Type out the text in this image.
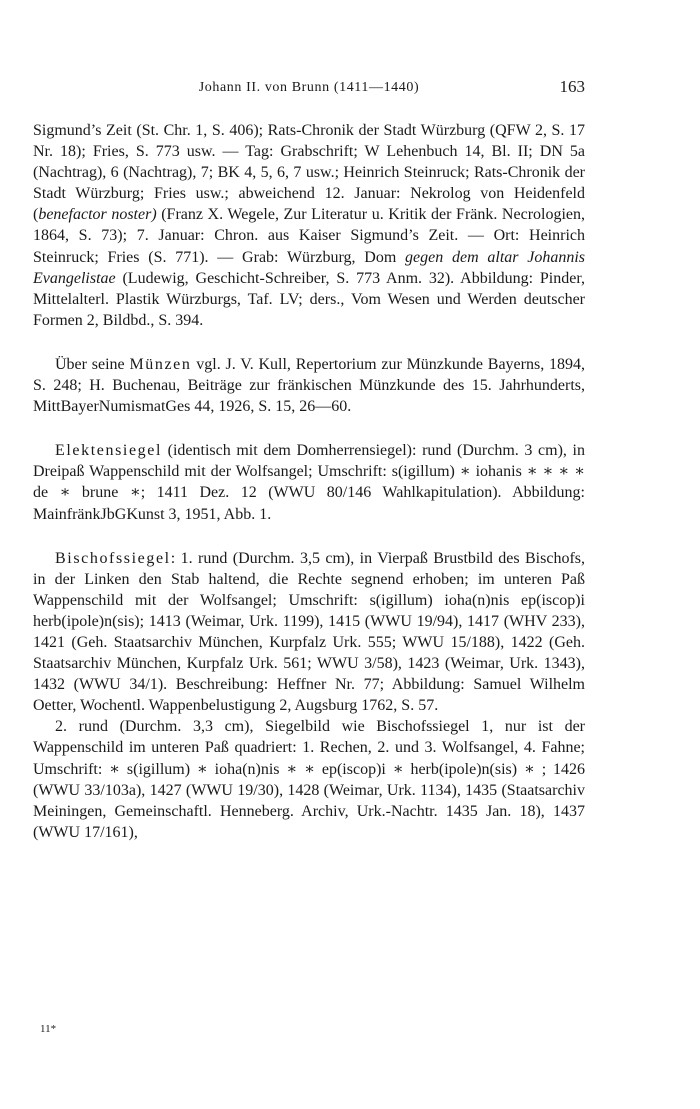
Johann II. von Brunn (1411—1440)	163

Sigmund’s Zeit (St. Chr. 1, S. 406); Rats-Chronik der Stadt Würzburg (QFW 2, S. 17 Nr. 18); Fries, S. 773 usw. — Tag: Grabschrift; W Lehenbuch 14, Bl. II; DN 5a (Nachtrag), 6 (Nachtrag), 7; BK 4, 5, 6, 7 usw.; Heinrich Steinruck; Rats-Chronik der Stadt Würzburg; Fries usw.; abweichend 12. Januar: Nekrolog von Heidenfeld (benefactor noster) (Franz X. Wegele, Zur Literatur u. Kritik der Fränk. Necrologien, 1864, S. 73); 7. Januar: Chron. aus Kaiser Sigmund’s Zeit. — Ort: Heinrich Steinruck; Fries (S. 771). — Grab: Würzburg, Dom gegen dem altar Johannis Evangelistae (Ludewig, Geschicht-Schreiber, S. 773 Anm. 32). Abbildung: Pinder, Mittelalterl. Plastik Würzburgs, Taf. LV; ders., Vom Wesen und Werden deutscher Formen 2, Bildbd., S. 394.

Über seine Münzen vgl. J. V. Kull, Repertorium zur Münzkunde Bayerns, 1894, S. 248; H. Buchenau, Beiträge zur fränkischen Münzkunde des 15. Jahrhunderts, MittBayerNumismatGes 44, 1926, S. 15, 26—60.

Elektensiegel (identisch mit dem Domherrensiegel): rund (Durchm. 3 cm), in Dreipaß Wappenschild mit der Wolfsangel; Umschrift: s(igillum) ∗ iohanis ∗ ∗ ∗ ∗ de ∗ brune ∗; 1411 Dez. 12 (WWU 80/146 Wahlkapitulation). Abbildung: MainfränkJbGKunst 3, 1951, Abb. 1.

Bischofssiegel: 1. rund (Durchm. 3,5 cm), in Vierpaß Brustbild des Bischofs, in der Linken den Stab haltend, die Rechte segnend erhoben; im unteren Paß Wappenschild mit der Wolfsangel; Umschrift: s(igillum) ioha(n)nis ep(iscop)i herb(ipole)n(sis); 1413 (Weimar, Urk. 1199), 1415 (WWU 19/94), 1417 (WHV 233), 1421 (Geh. Staatsarchiv München, Kurpfalz Urk. 555; WWU 15/188), 1422 (Geh. Staatsarchiv München, Kurpfalz Urk. 561; WWU 3/58), 1423 (Weimar, Urk. 1343), 1432 (WWU 34/1). Beschreibung: Heffner Nr. 77; Abbildung: Samuel Wilhelm Oetter, Wochentl. Wappenbelustigung 2, Augsburg 1762, S. 57.

2. rund (Durchm. 3,3 cm), Siegelbild wie Bischofssiegel 1, nur ist der Wappenschild im unteren Paß quadriert: 1. Rechen, 2. und 3. Wolfsangel, 4. Fahne; Umschrift: ∗ s(igillum) ∗ ioha(n)nis ∗ ∗ ep(iscop)i ∗ herb(ipole)n(sis) ∗ ; 1426 (WWU 33/103a), 1427 (WWU 19/30), 1428 (Weimar, Urk. 1134), 1435 (Staatsarchiv Meiningen, Gemeinschaftl. Henneberg. Archiv, Urk.-Nachtr. 1435 Jan. 18), 1437 (WWU 17/161),

11*
